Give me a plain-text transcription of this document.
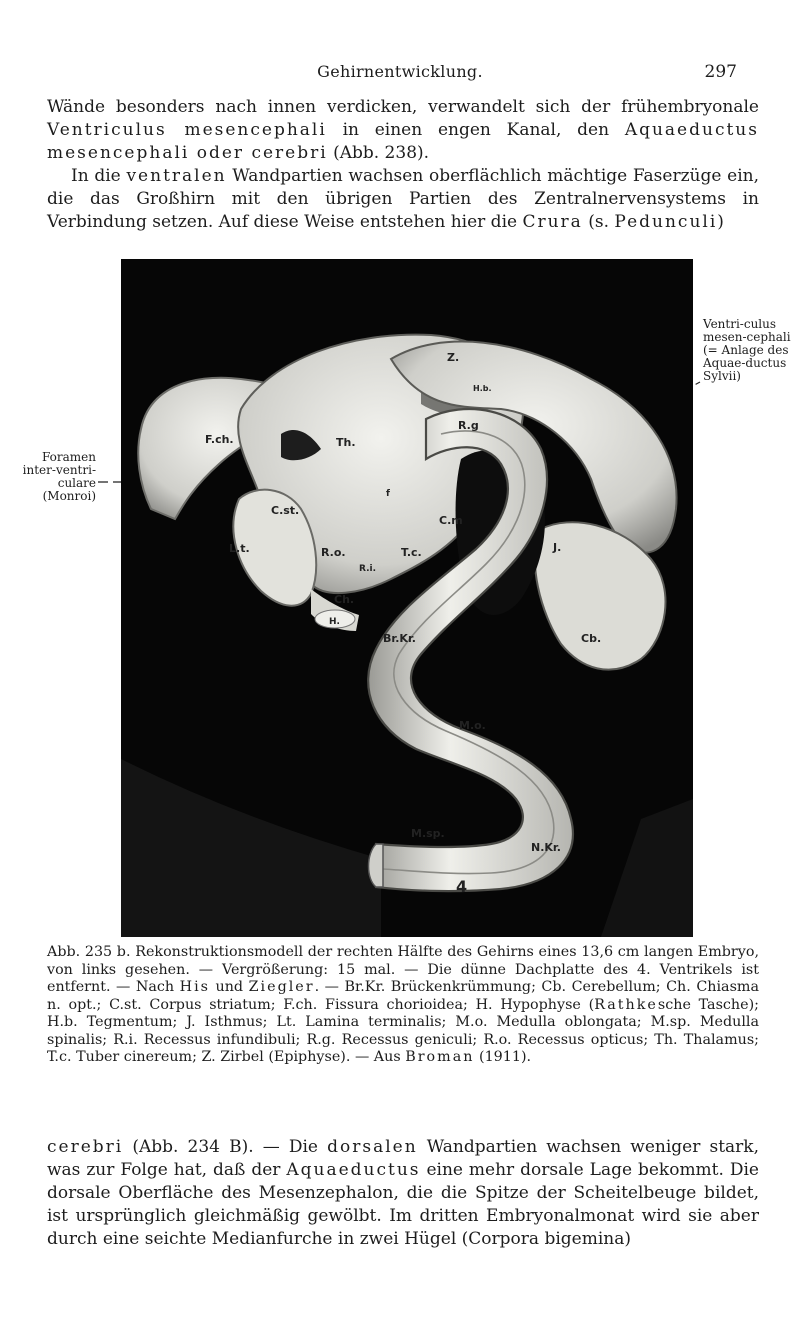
Gehirnentwicklung.	297

Wände besonders nach innen verdicken, verwandelt sich der frühembryonale Ventriculus mesencephali in einen engen Kanal, den Aquaeductus mesencephali oder cerebri (Abb. 238).

In die ventralen Wandpartien wachsen oberflächlich mächtige Faserzüge ein, die das Großhirn mit den übrigen Partien des Zentralnervensystems in Verbindung setzen. Auf diese Weise entstehen hier die Crura (s. Pedunculi)

Foramen inter-ventri-culare (Monroi)
Ventri-culus mesen-cephali (= Anlage des Aquae-ductus Sylvii)
Z.
R.g
H.b.
Th.
F.ch.
f
C.st.
C.m
L.t.	R.o.	T.c.	J.
R.i.
Ch.
H.
Br.Kr.	Cb.
M.o.
M.sp.
N.Kr.
4

Abb. 235 b. Rekonstruktionsmodell der rechten Hälfte des Gehirns eines 13,6 cm langen Embryo, von links gesehen. — Vergrößerung: 15 mal. — Die dünne Dachplatte des 4. Ventrikels ist entfernt. — Nach His und Ziegler. — Br.Kr. Brückenkrümmung; Cb. Cerebellum; Ch. Chiasma n. opt.; C.st. Corpus striatum; F.ch. Fissura chorioidea; H. Hypophyse (Rathkesche Tasche); H.b. Tegmentum; J. Isthmus; Lt. Lamina terminalis; M.o. Medulla oblongata; M.sp. Medulla spinalis; R.i. Recessus infundibuli; R.g. Recessus geniculi; R.o. Recessus opticus; Th. Thalamus; T.c. Tuber cinereum; Z. Zirbel (Epiphyse). — Aus Broman (1911).

cerebri (Abb. 234 B). — Die dorsalen Wandpartien wachsen weniger stark, was zur Folge hat, daß der Aquaeductus eine mehr dorsale Lage bekommt. Die dorsale Oberfläche des Mesenzephalon, die die Spitze der Scheitelbeuge bildet, ist ursprünglich gleichmäßig gewölbt. Im dritten Embryonalmonat wird sie aber durch eine seichte Medianfurche in zwei Hügel (Corpora bigemina)
